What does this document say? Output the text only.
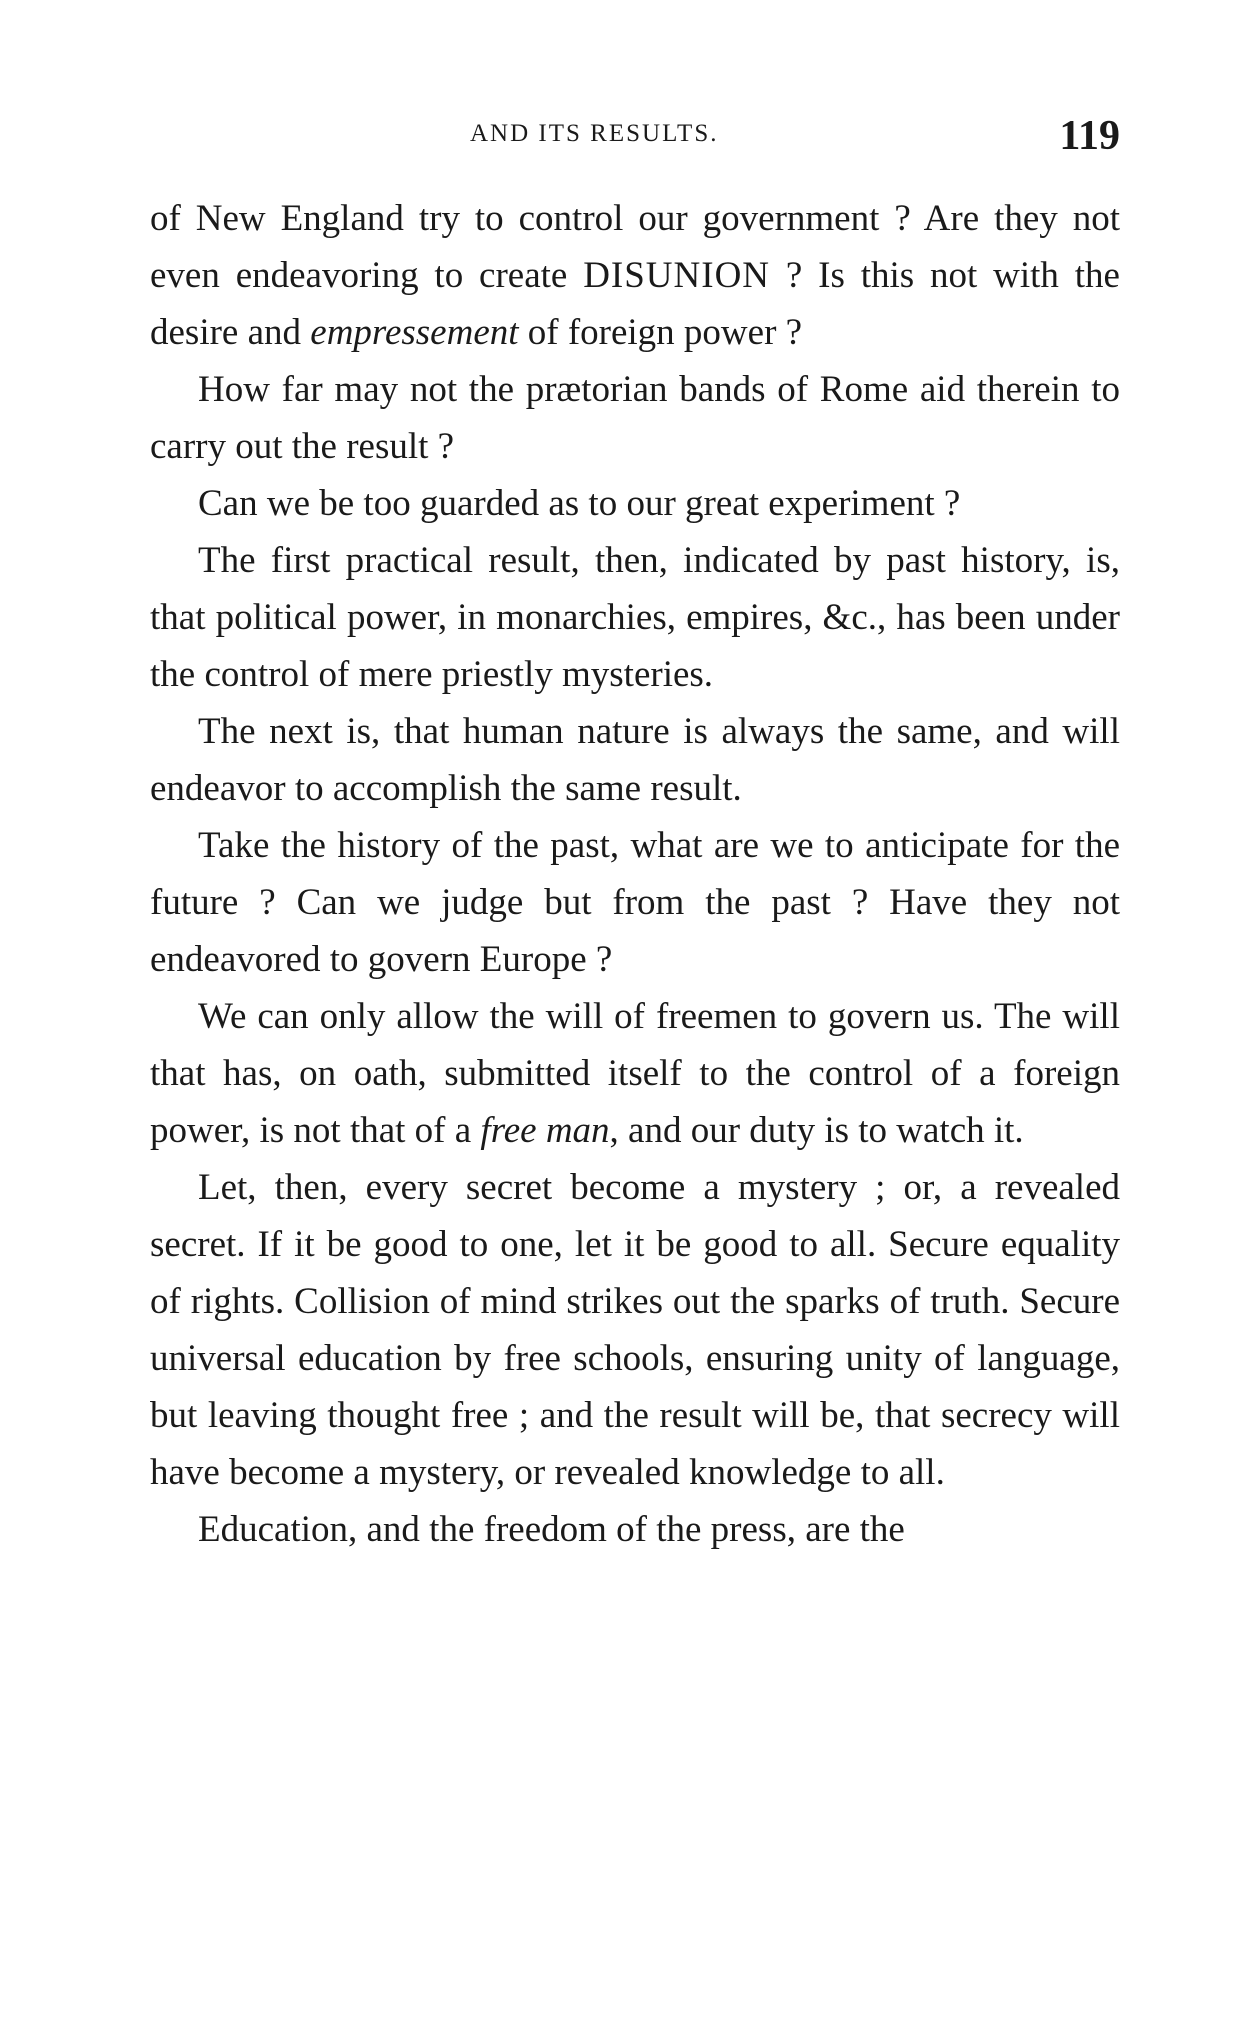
AND ITS RESULTS.	119

of New England try to control our government ? Are they not even endeavoring to create DISUNION ? Is this not with the desire and empressement of foreign power ?

How far may not the prætorian bands of Rome aid therein to carry out the result ?

Can we be too guarded as to our great experiment ?

The first practical result, then, indicated by past history, is, that political power, in monarchies, empires, &c., has been under the control of mere priestly mysteries.

The next is, that human nature is always the same, and will endeavor to accomplish the same result.

Take the history of the past, what are we to anticipate for the future ? Can we judge but from the past ? Have they not endeavored to govern Europe ?

We can only allow the will of freemen to govern us. The will that has, on oath, submitted itself to the control of a foreign power, is not that of a free man, and our duty is to watch it.

Let, then, every secret become a mystery ; or, a revealed secret. If it be good to one, let it be good to all. Secure equality of rights. Collision of mind strikes out the sparks of truth. Secure universal education by free schools, ensuring unity of language, but leaving thought free ; and the result will be, that secrecy will have become a mystery, or revealed knowledge to all.

Education, and the freedom of the press, are the
